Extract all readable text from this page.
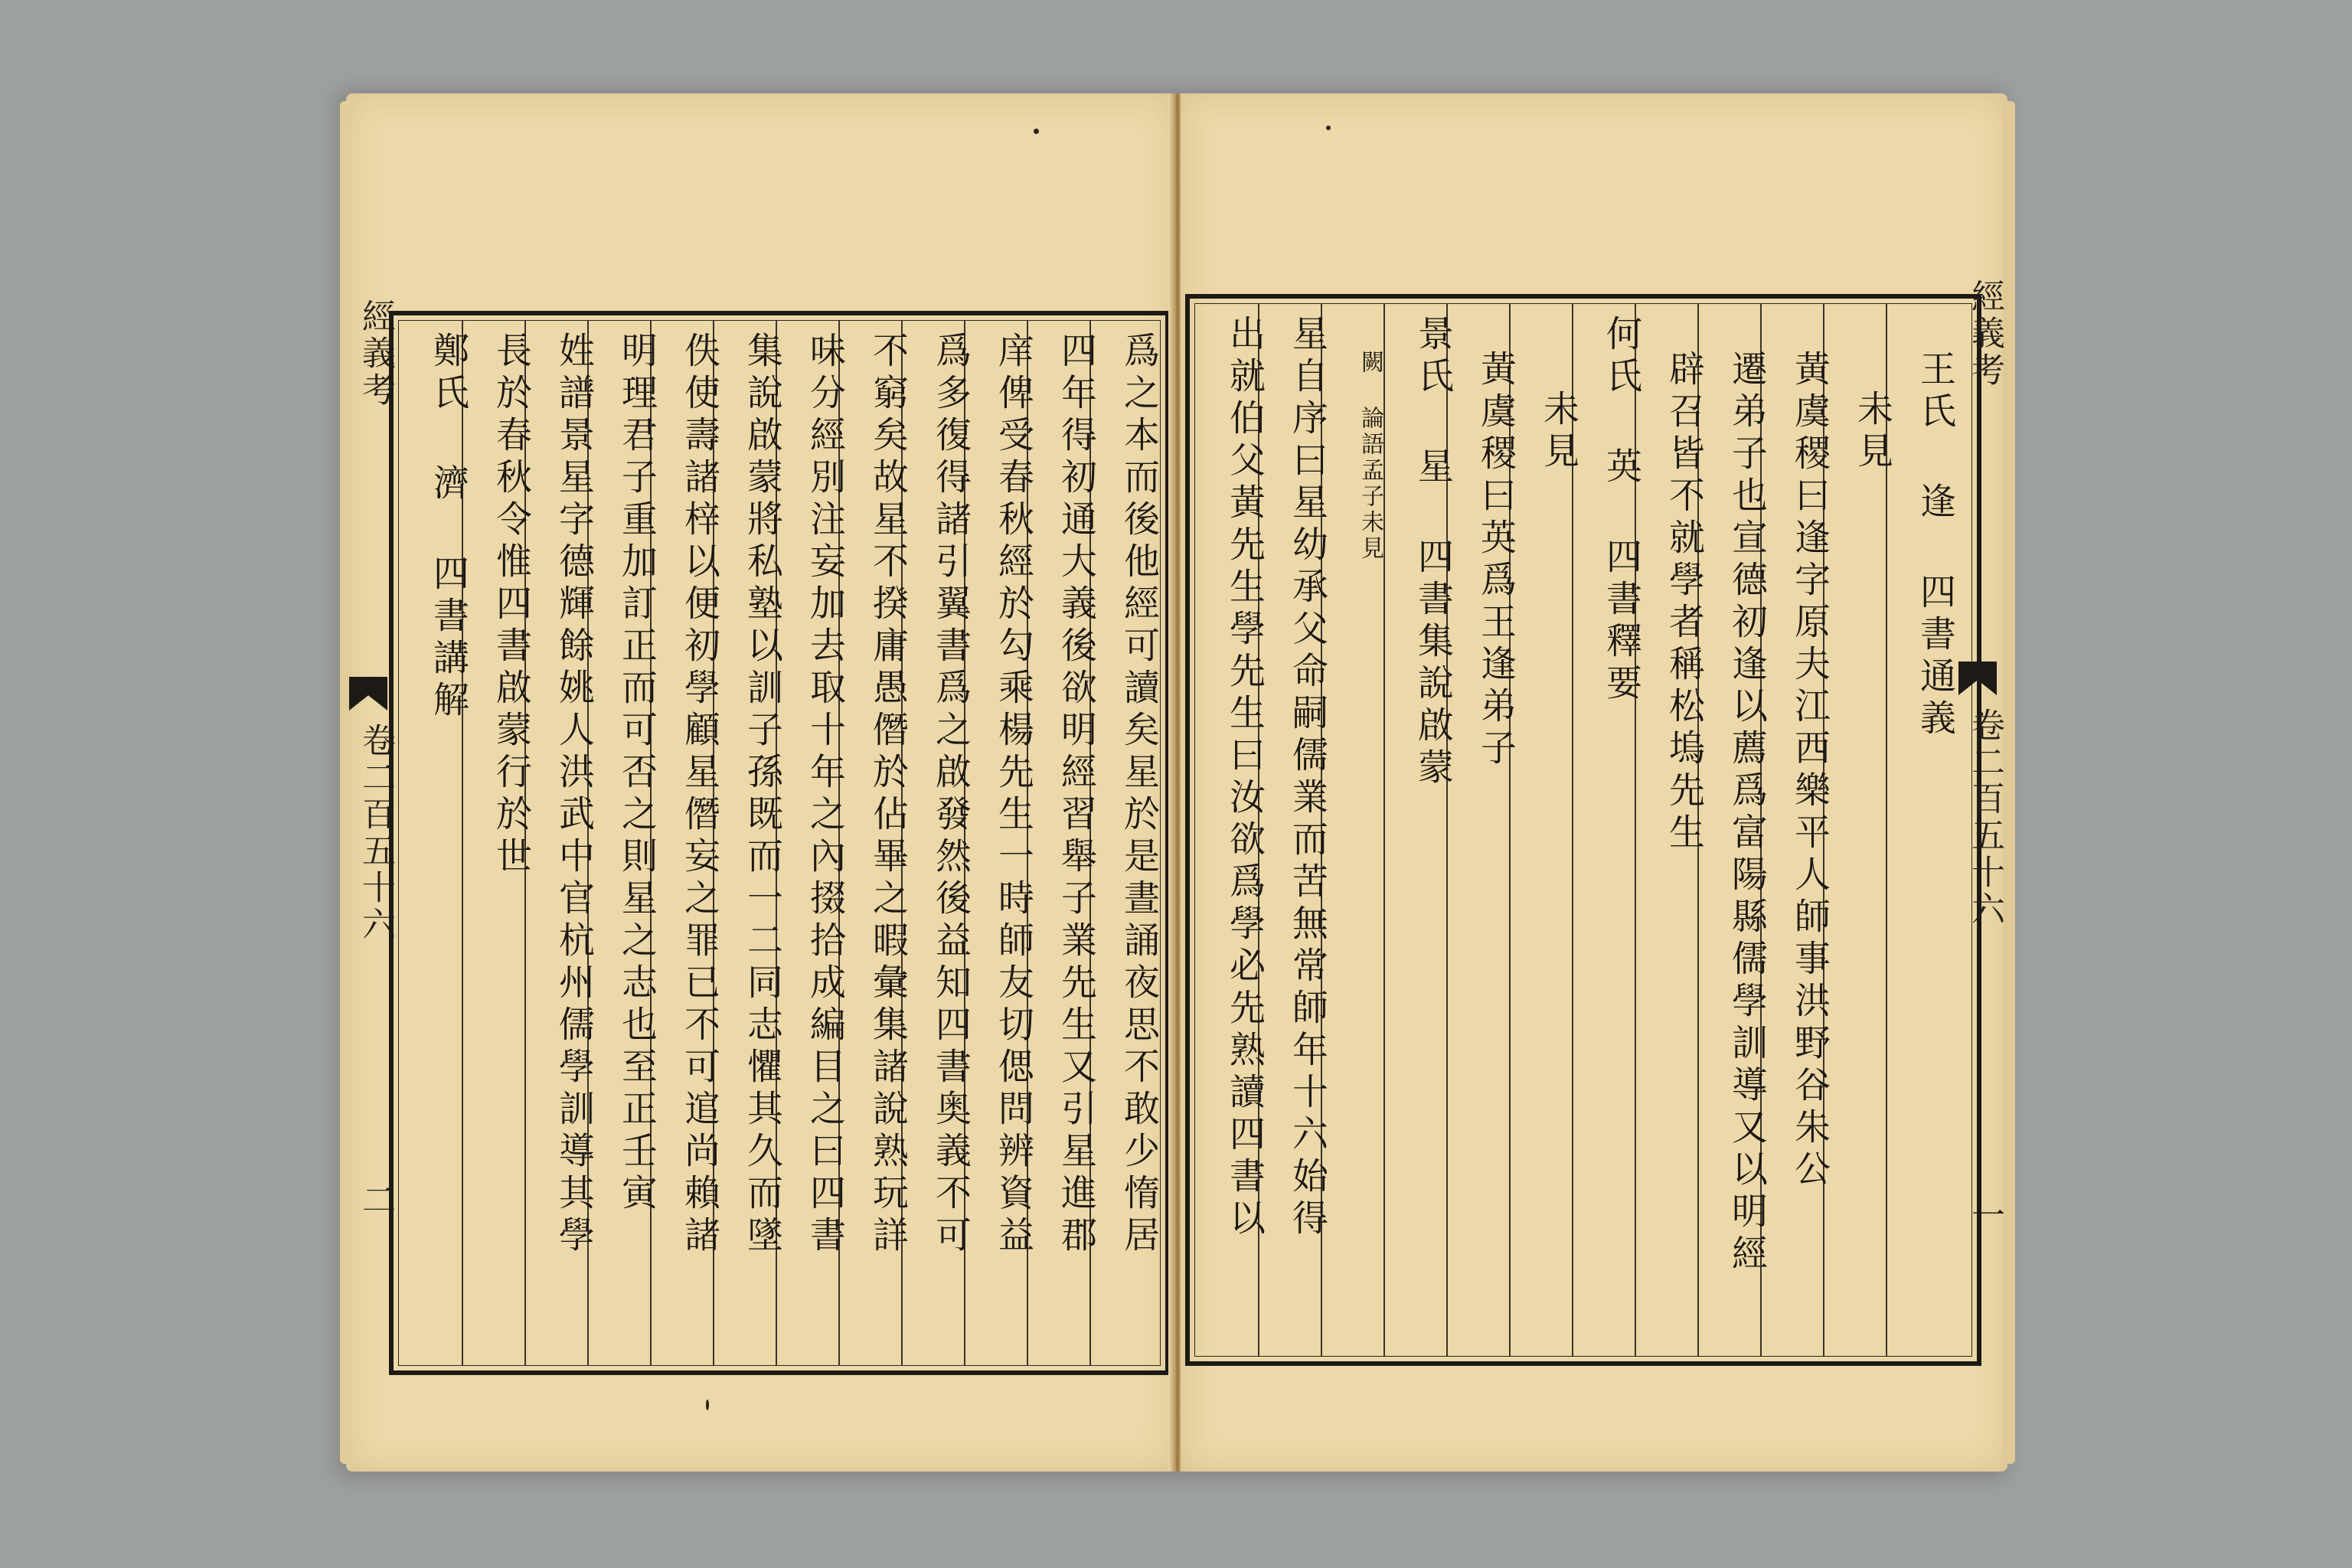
經義考
卷二百五十六
二	爲之本而後他經可讀矣星於是晝誦夜思不敢少惰居
四年得初通大義後欲明經習舉子業先生又引星進郡
庠俾受春秋經於勾乘楊先生一時師友切偲問辨資益
爲多復得諸引翼書爲之啟發然後益知四書奥義不可
不窮矣故星不揆庸愚僭於佔畢之暇彙集諸說熟玩詳
味分經別注妄加去取十年之內掇拾成編目之曰四書
集說啟蒙將私塾以訓子孫既而一二同志懼其久而墜
佚使壽諸梓以便初學顧星僭妄之罪已不可逭尚賴諸
明理君子重加訂正而可否之則星之志也至正壬寅
姓譜景星字德輝餘姚人洪武中官杭州儒學訓導其學
長於春秋令惟四書啟蒙行於世
鄭氏 濟 四書講解	王氏 逢 四書通義
未見
黃虞稷曰逢字原夫江西樂平人師事洪野谷朱公
遷弟子也宣德初逢以薦爲富陽縣儒學訓導又以明經
辟召皆不就學者稱松塢先生
何氏 英 四書釋要
未見
黃虞稷曰英爲王逢弟子
景氏 星 四書集說啟蒙
闕 論語孟子未見
星自序曰星幼承父命嗣儒業而苦無常師年十六始得
出就伯父黃先生學先生曰汝欲爲學必先熟讀四書以	經義考
卷二百五十六
一
